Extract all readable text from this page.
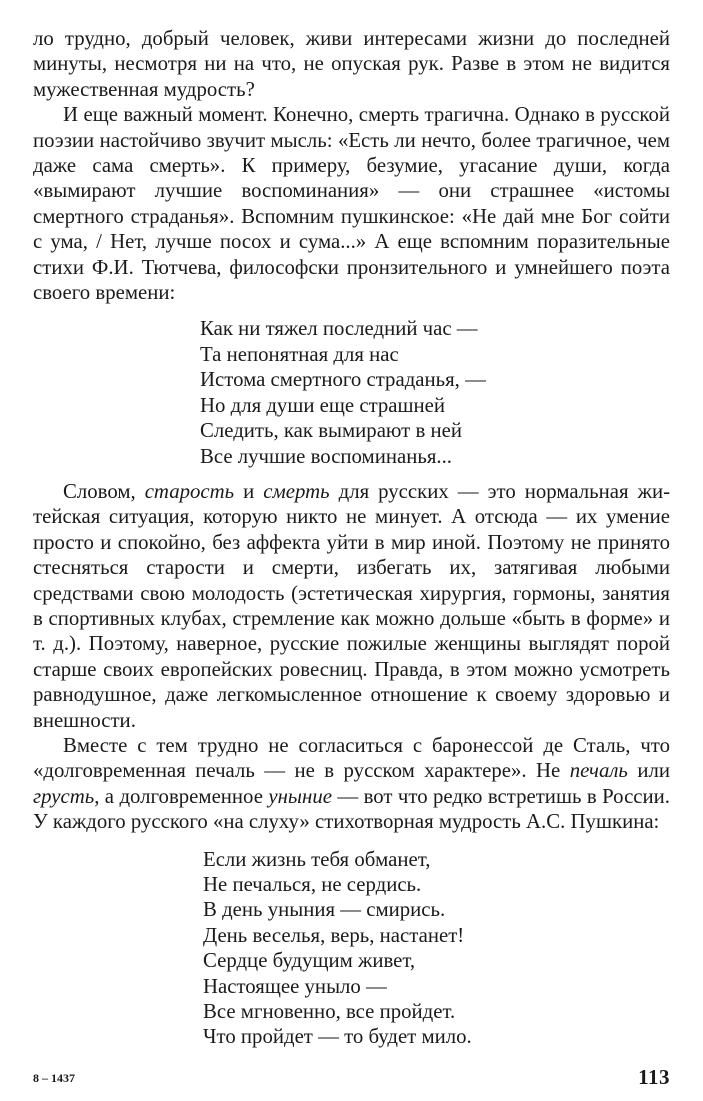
ло трудно, добрый человек, живи интересами жизни до последней минуты, несмотря ни на что, не опуская рук. Разве в этом не видится мужественная мудрость?

И еще важный момент. Конечно, смерть трагична. Однако в русской поэзии настойчиво звучит мысль: «Есть ли нечто, более трагичное, чем даже сама смерть». К примеру, безумие, угасание души, когда «вымирают лучшие воспоминания» — они страшнее «истомы смертного страданья». Вспомним пушкинское: «Не дай мне Бог сойти с ума, / Нет, лучше посох и сума...» А еще вспомним поразительные стихи Ф.И. Тютчева, философски пронзительного и умнейшего поэта своего времени:

Как ни тяжел последний час —
Та непонятная для нас
Истома смертного страданья, —
Но для души еще страшней
Следить, как вымирают в ней
Все лучшие воспоминанья...

Словом, старость и смерть для русских — это нормальная житейская ситуация, которую никто не минует. А отсюда — их умение просто и спокойно, без аффекта уйти в мир иной. Поэтому не принято стесняться старости и смерти, избегать их, затягивая любыми средствами свою молодость (эстетическая хирургия, гормоны, занятия в спортивных клубах, стремление как можно дольше «быть в форме» и т. д.). Поэтому, наверное, русские пожилые женщины выглядят порой старше своих европейских ровесниц. Правда, в этом можно усмотреть равнодушное, даже легкомысленное отношение к своему здоровью и внешности.

Вместе с тем трудно не согласиться с баронессой де Сталь, что «долговременная печаль — не в русском характере». Не печаль или грусть, а долговременное уныние — вот что редко встретишь в России. У каждого русского «на слуху» стихотворная мудрость А.С. Пушкина:

Если жизнь тебя обманет,
Не печалься, не сердись.
В день уныния — смирись.
День веселья, верь, настанет!
Сердце будущим живет,
Настоящее уныло —
Все мгновенно, все пройдет.
Что пройдет — то будет мило.
8 – 1437	113
